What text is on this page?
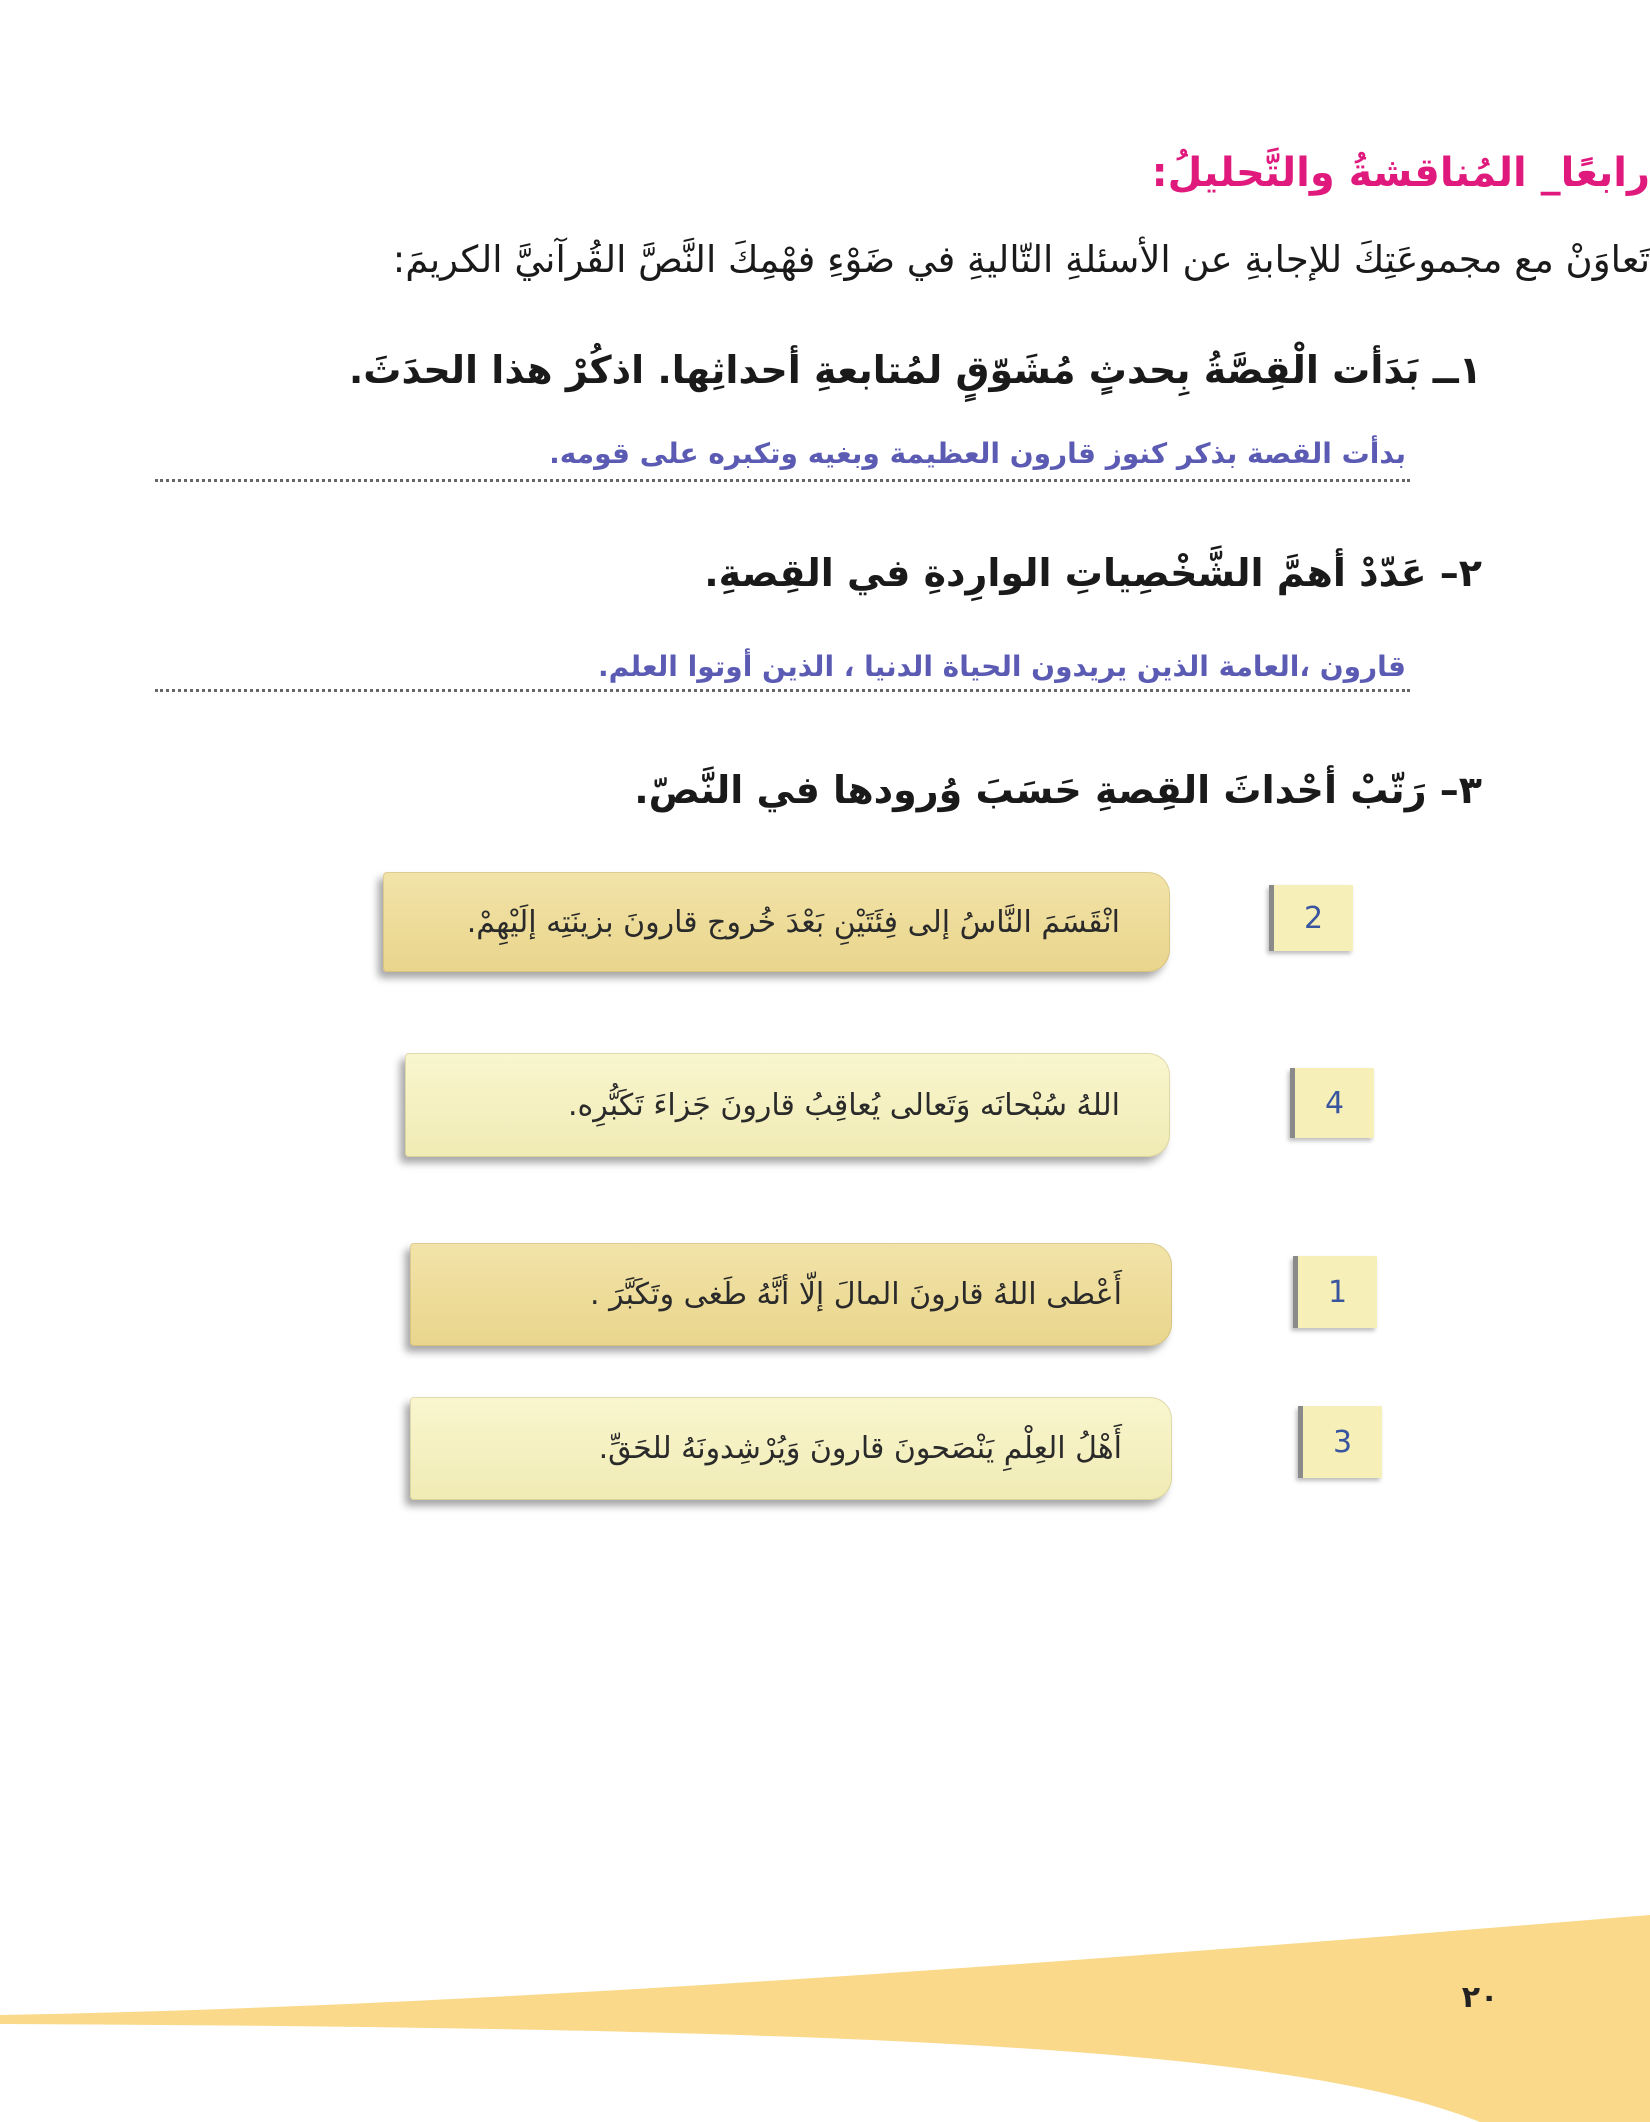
رابعًا_ المُناقشةُ والتَّحليلُ:
تَعاوَنْ مع مجموعَتِكَ للإجابةِ عن الأسئلةِ التّاليةِ في ضَوْءِ فهْمِكَ النَّصَّ القُرآنيَّ الكريمَ:
١ــ بَدَأت الْقِصَّةُ بِحدثٍ مُشَوّقٍ لمُتابعةِ أحداثِها. اذكُرْ هذا الحدَثَ.
بدأت القصة بذكر كنوز قارون العظيمة وبغيه وتكبره على قومه.
٢– عَدّدْ أهمَّ الشَّخْصِياتِ الوارِدةِ في القِصةِ.
قارون ،العامة الذين يريدون الحياة الدنيا ، الذين أوتوا العلم.
٣– رَتّبْ أحْداثَ القِصةِ حَسَبَ وُرودها في النَّصّ.
انْقَسَمَ النَّاسُ إلى فِئَتَيْنِ بَعْدَ خُروج قارونَ بزينَتِه إلَيْهِمْ.	2
اللهُ سُبْحانَه وَتَعالى يُعاقِبُ قارونَ جَزاءَ تَكَبُّرِه.	4
أَعْطى اللهُ قارونَ المالَ إلّا أنَّهُ طَغى وتَكَبَّرَ .	1
أَهْلُ العِلْمِ يَنْصَحونَ قارونَ وَيُرْشِدونَهُ للحَقِّ.	3
٢٠
